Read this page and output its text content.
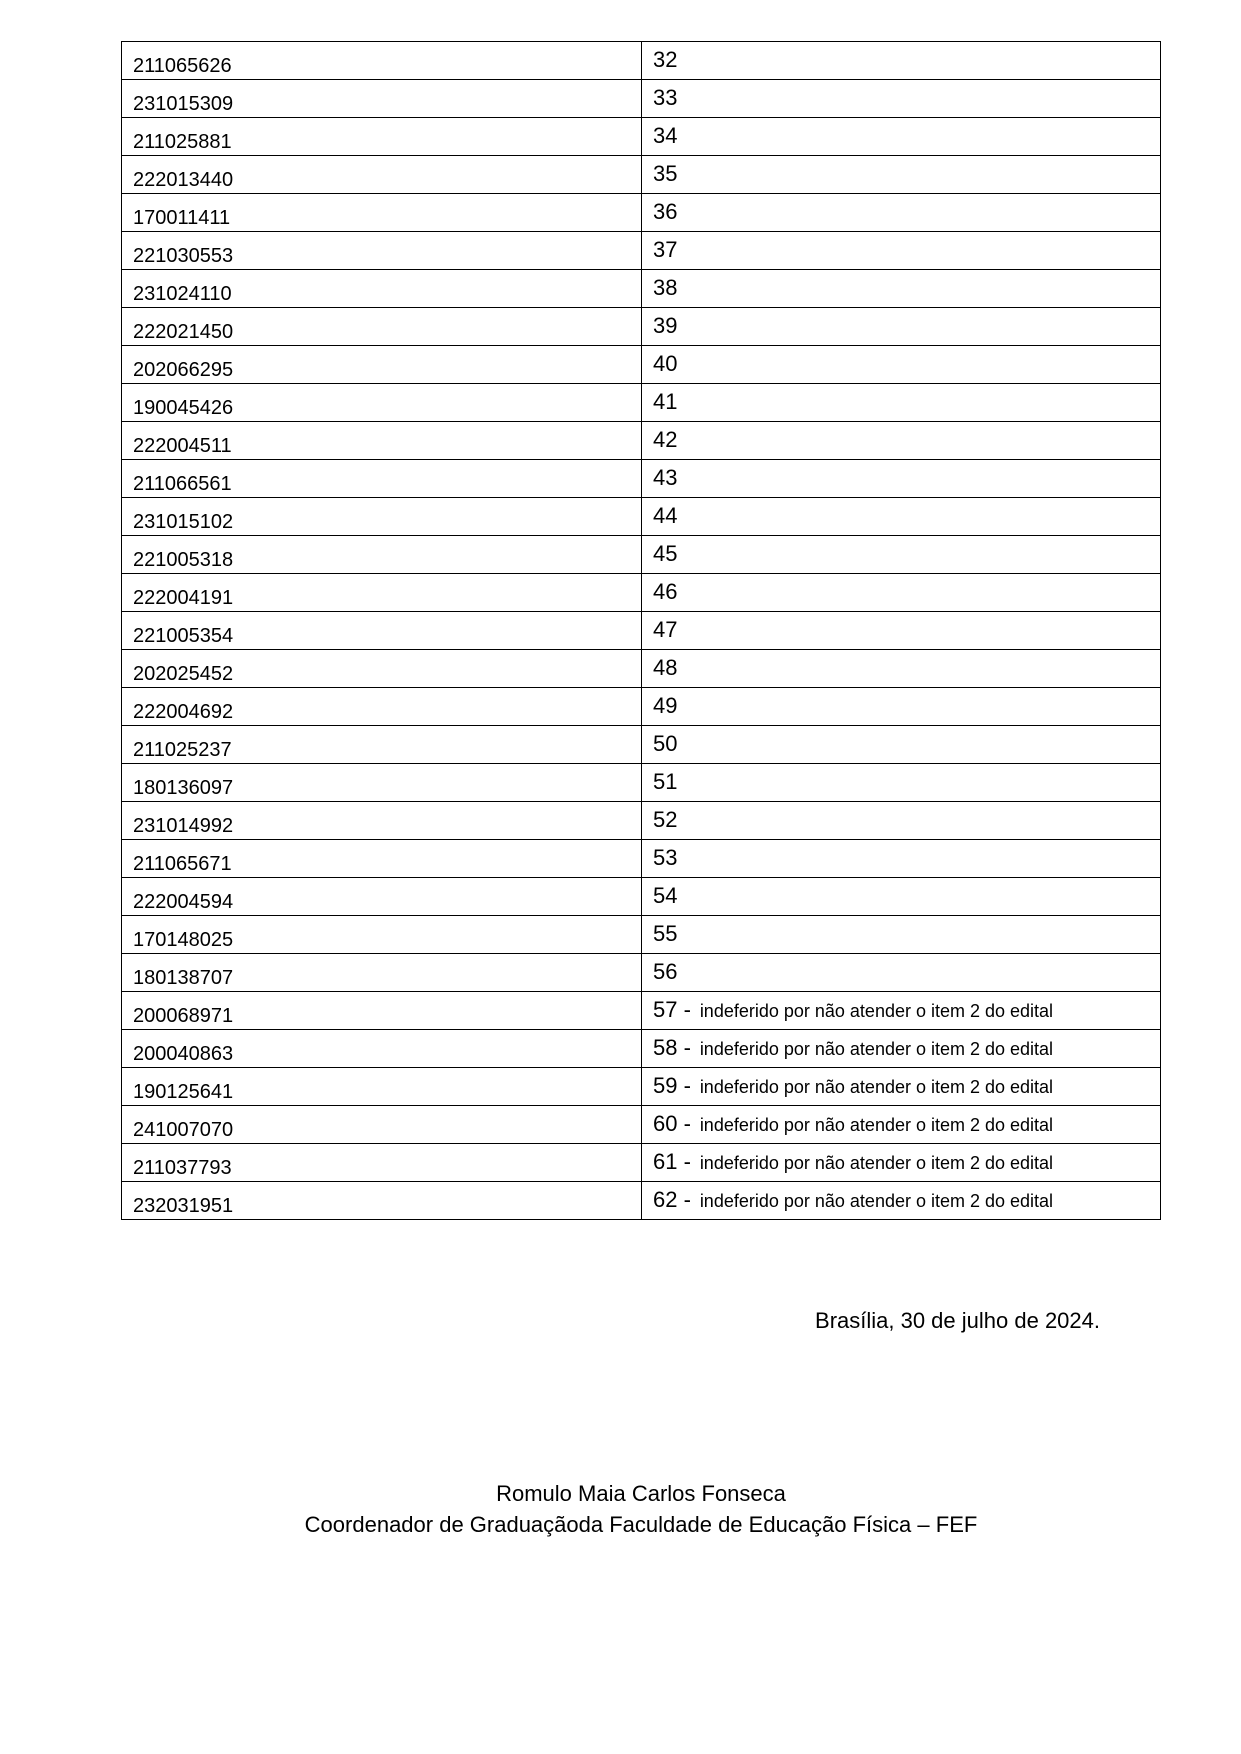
211065626	32

231015309	33

211025881	34

222013440	35

170011411	36

221030553	37

231024110	38

222021450	39

202066295	40

190045426	41

222004511	42

211066561	43

231015102	44

221005318	45

222004191	46

221005354	47

202025452	48

222004692	49

211025237	50

180136097	51

231014992	52

211065671	53

222004594	54

170148025	55

180138707	56

200068971	57 - indeferido por não atender o item 2 do edital

200040863	58 - indeferido por não atender o item 2 do edital

190125641	59 - indeferido por não atender o item 2 do edital

241007070	60 - indeferido por não atender o item 2 do edital

211037793	61 - indeferido por não atender o item 2 do edital

232031951	62 - indeferido por não atender o item 2 do edital
Brasília, 30 de julho de 2024.
Romulo Maia Carlos Fonseca
Coordenador de Graduaçãoda Faculdade de Educação Física – FEF
